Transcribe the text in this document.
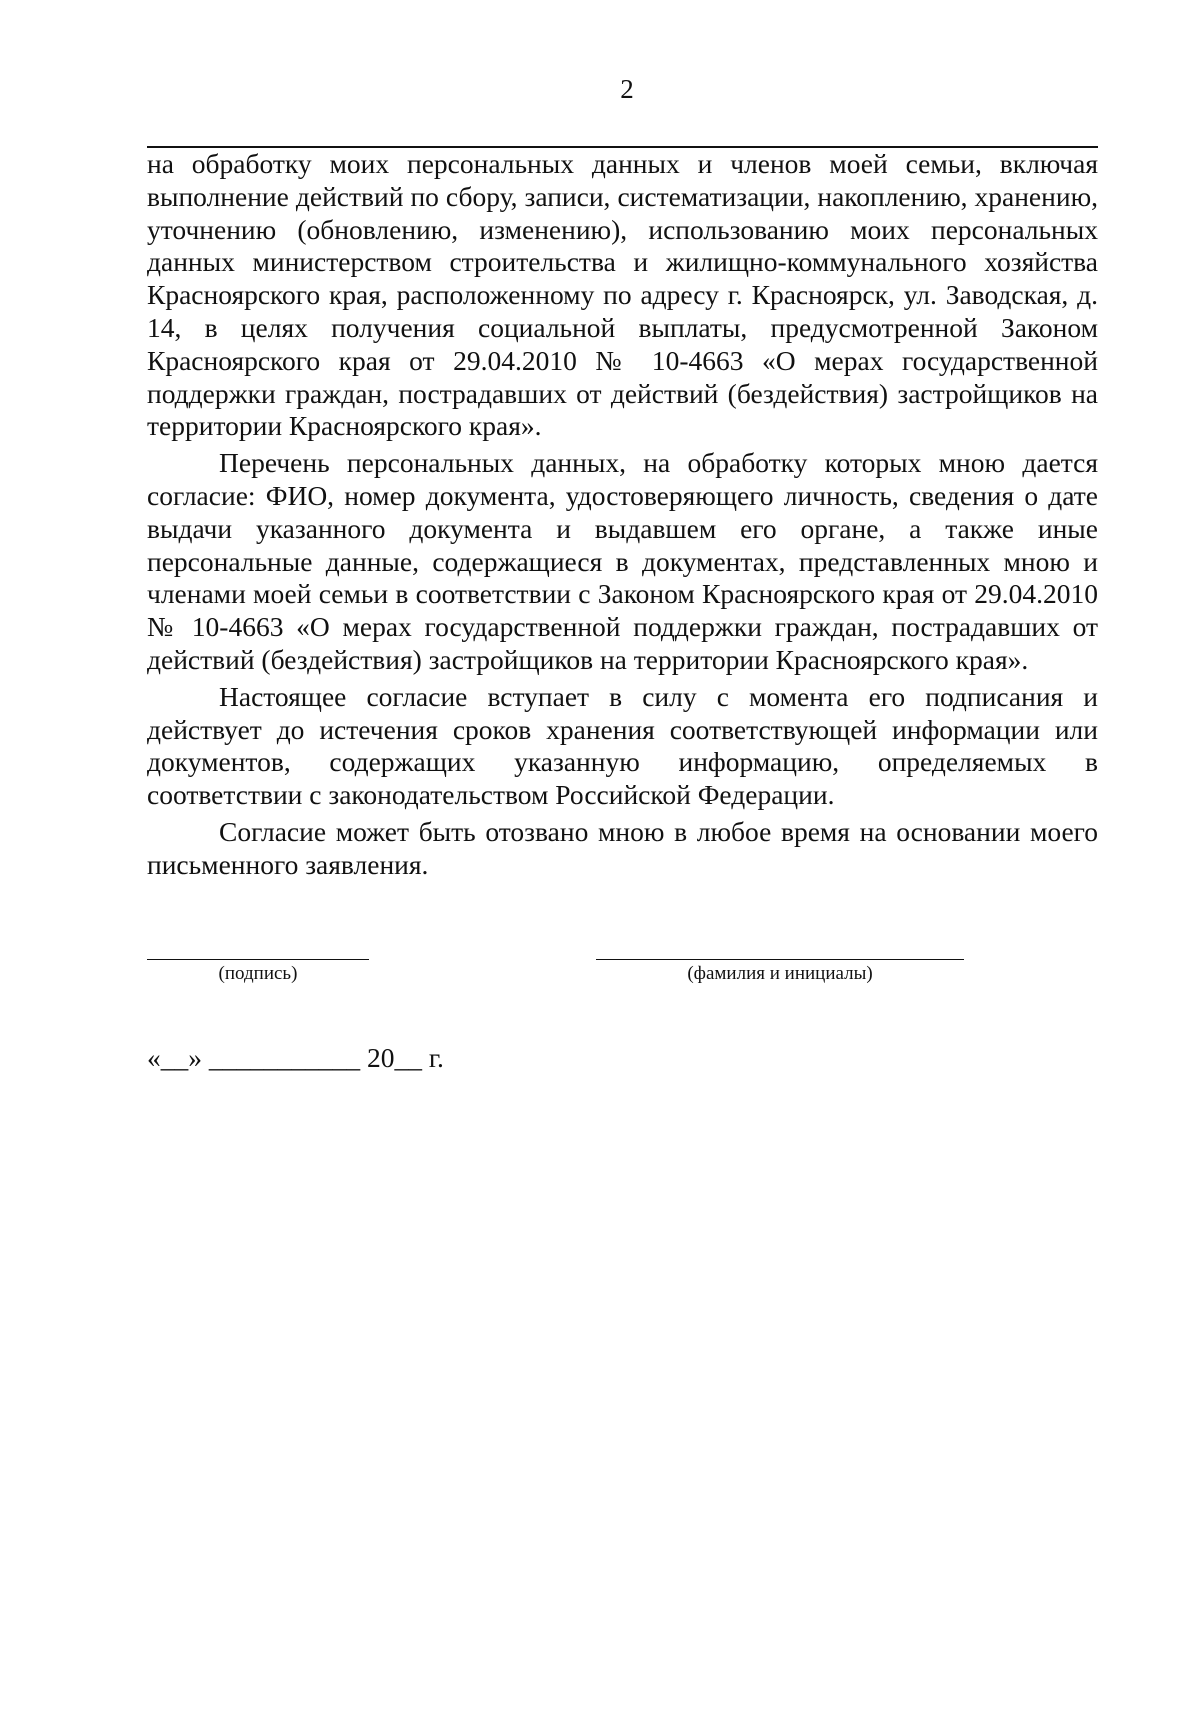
2

на обработку моих персональных данных и членов моей семьи, включая выполнение действий по сбору, записи, систематизации, накоплению, хранению, уточнению (обновлению, изменению), использованию моих персональных данных министерством строительства и жилищно-коммунального хозяйства Красноярского края, расположенному по адресу г. Красноярск, ул. Заводская, д. 14, в целях получения социальной выплаты, предусмотренной Законом Красноярского края от 29.04.2010 № 10-4663 «О мерах государственной поддержки граждан, пострадавших от действий (бездействия) застройщиков на территории Красноярского края».

Перечень персональных данных, на обработку которых мною дается согласие: ФИО, номер документа, удостоверяющего личность, сведения о дате выдачи указанного документа и выдавшем его органе, а также иные персональные данные, содержащиеся в документах, представленных мною и членами моей семьи в соответствии с Законом Красноярского края от 29.04.2010 № 10-4663 «О мерах государственной поддержки граждан, пострадавших от действий (бездействия) застройщиков на территории Красноярского края».

Настоящее согласие вступает в силу с момента его подписания и действует до истечения сроков хранения соответствующей информации или документов, содержащих указанную информацию, определяемых в соответствии с законодательством Российской Федерации.

Согласие может быть отозвано мною в любое время на основании моего письменного заявления.

(подпись)	(фамилия и инициалы)
«__» ___________ 20__ г.
